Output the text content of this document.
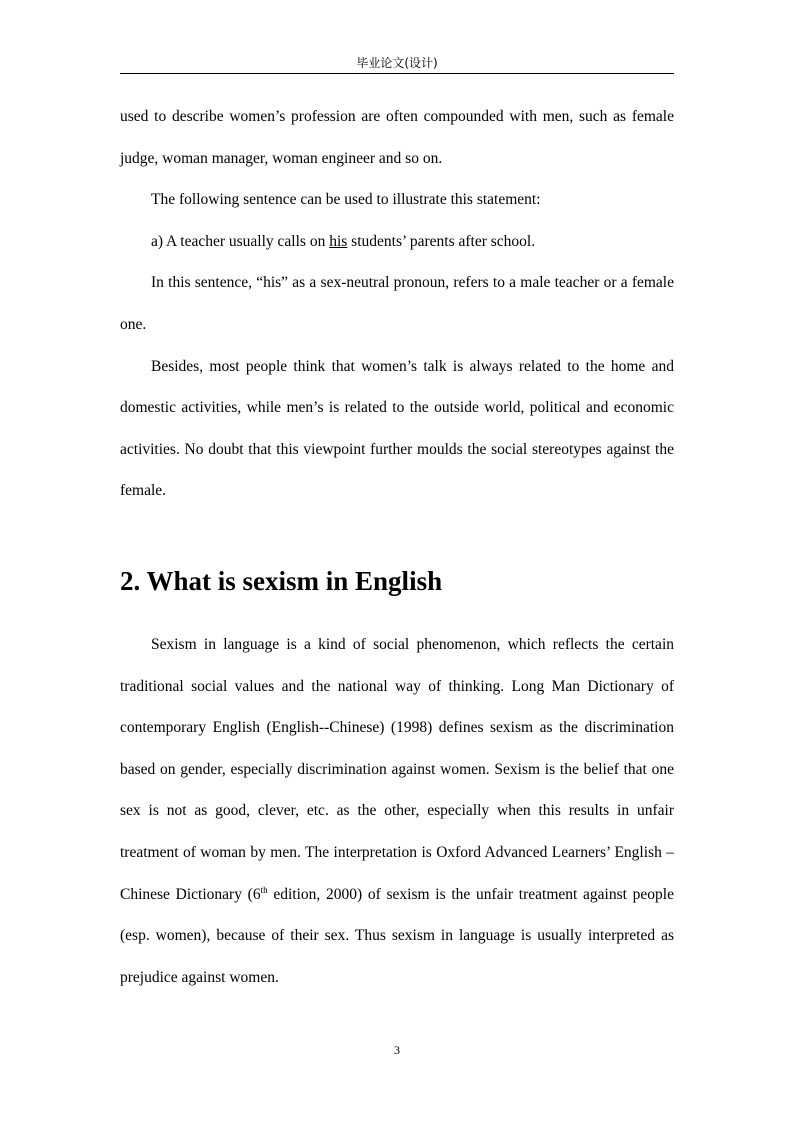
毕业论文(设计)

used to describe women’s profession are often compounded with men, such as female judge, woman manager, woman engineer and so on.

The following sentence can be used to illustrate this statement:

a) A teacher usually calls on his students’ parents after school.

In this sentence, “his” as a sex-neutral pronoun, refers to a male teacher or a female one.

Besides, most people think that women’s talk is always related to the home and domestic activities, while men’s is related to the outside world, political and economic activities. No doubt that this viewpoint further moulds the social stereotypes against the female.

2. What is sexism in English

Sexism in language is a kind of social phenomenon, which reflects the certain traditional social values and the national way of thinking. Long Man Dictionary of contemporary English (English--Chinese) (1998) defines sexism as the discrimination based on gender, especially discrimination against women. Sexism is the belief that one sex is not as good, clever, etc. as the other, especially when this results in unfair treatment of woman by men. The interpretation is Oxford Advanced Learners’ English –Chinese Dictionary (6th edition, 2000) of sexism is the unfair treatment against people (esp. women), because of their sex. Thus sexism in language is usually interpreted as prejudice against women.

3
